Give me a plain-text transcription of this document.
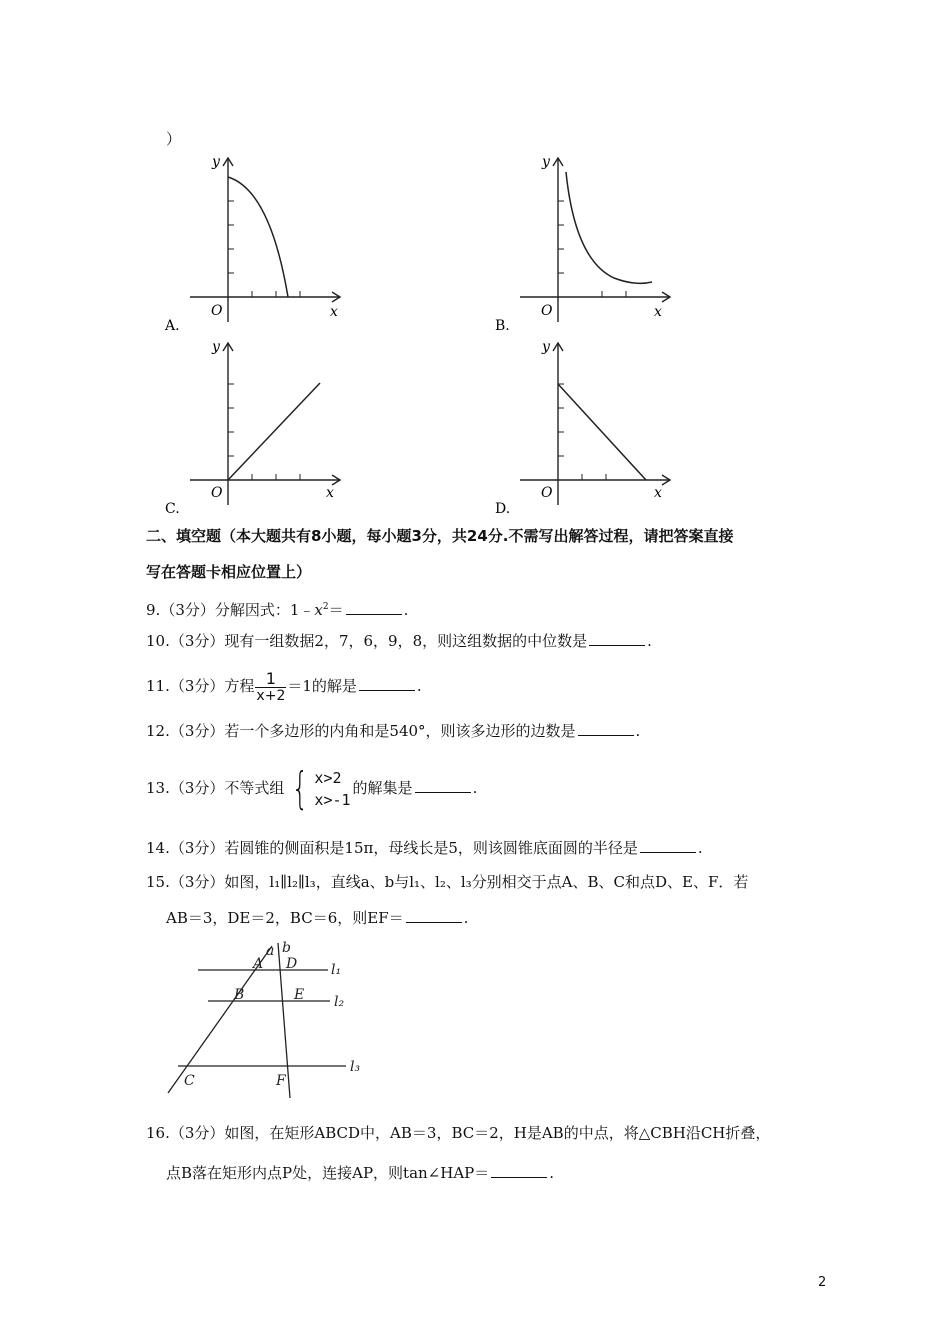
）
y
x
O
A.
y
x
O
B.
y
x
O
C.
y
x
O
D.
二、填空题（本大题共有8小题，每小题3分，共24分.不需写出解答过程，请把答案直接
写在答题卡相应位置上）
9.（3分）分解因式：$1﹣x^2=$	.
10.（3分）现有一组数据2，7，6，9，8，则这组数据的中位数是	.
11.（3分）方程 $\frac{1}{x+2} =1$的解是	.
12.（3分）若一个多边形的内角和是540°，则该多边形的边数是	.
13.（3分）不等式组 { x>2
x>-1
的解集是	.
14.（3分）若圆锥的侧面积是15π，母线长是5，则该圆锥底面圆的半径是	.
15.（3分）如图，l₁∥l₂∥l₃，直线a、b与l₁、l₂、l₃分别相交于点A、B、C和点D、E、F．若
AB＝3，DE＝2，BC＝6，则EF＝	.
a b
A D
B	E
C	F
l₁
l₂
l₃
16.（3分）如图，在矩形ABCD中，AB＝3，BC＝2，H是AB的中点，将△CBH沿CH折叠，
点B落在矩形内点P处，连接AP，则tan∠HAP＝	.
2
